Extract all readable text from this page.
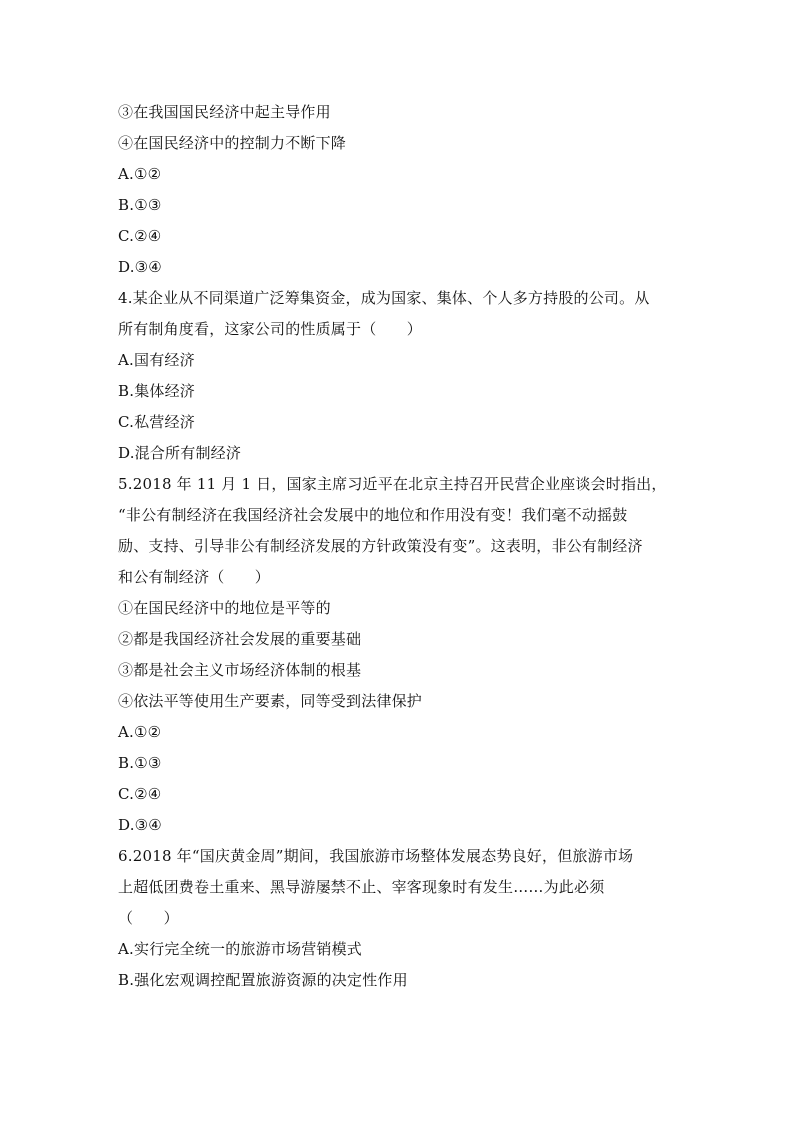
③在我国国民经济中起主导作用
④在国民经济中的控制力不断下降
A.①②
B.①③
C.②④
D.③④
4.某企业从不同渠道广泛筹集资金，成为国家、集体、个人多方持股的公司。从
所有制角度看，这家公司的性质属于（　　）
A.国有经济
B.集体经济
C.私营经济
D.混合所有制经济
5.2018 年 11 月 1 日，国家主席习近平在北京主持召开民营企业座谈会时指出，
“非公有制经济在我国经济社会发展中的地位和作用没有变！我们毫不动摇鼓
励、支持、引导非公有制经济发展的方针政策没有变”。这表明，非公有制经济
和公有制经济（　　）
①在国民经济中的地位是平等的
②都是我国经济社会发展的重要基础
③都是社会主义市场经济体制的根基
④依法平等使用生产要素，同等受到法律保护
A.①②
B.①③
C.②④
D.③④
6.2018 年“国庆黄金周”期间，我国旅游市场整体发展态势良好，但旅游市场
上超低团费卷土重来、黑导游屡禁不止、宰客现象时有发生……为此必须
（　　）
A.实行完全统一的旅游市场营销模式
B.强化宏观调控配置旅游资源的决定性作用
